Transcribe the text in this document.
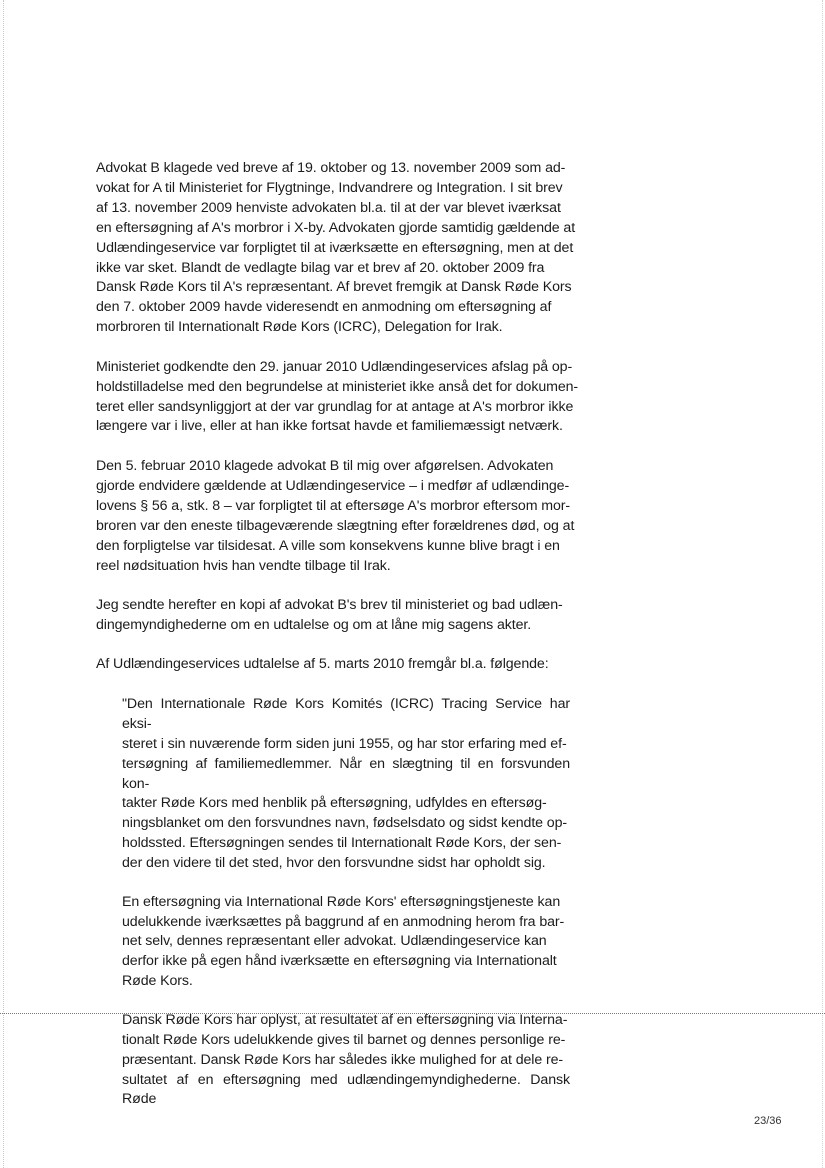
Advokat B klagede ved breve af 19. oktober og 13. november 2009 som ad-
vokat for A til Ministeriet for Flygtninge, Indvandrere og Integration. I sit brev
af 13. november 2009 henviste advokaten bl.a. til at der var blevet iværksat
en eftersøgning af A's morbror i X-by. Advokaten gjorde samtidig gældende at
Udlændingeservice var forpligtet til at iværksætte en eftersøgning, men at det
ikke var sket. Blandt de vedlagte bilag var et brev af 20. oktober 2009 fra
Dansk Røde Kors til A's repræsentant. Af brevet fremgik at Dansk Røde Kors
den 7. oktober 2009 havde videresendt en anmodning om eftersøgning af
morbroren til Internationalt Røde Kors (ICRC), Delegation for Irak.

Ministeriet godkendte den 29. januar 2010 Udlændingeservices afslag på op-
holdstilladelse med den begrundelse at ministeriet ikke anså det for dokumen-
teret eller sandsynliggjort at der var grundlag for at antage at A's morbror ikke
længere var i live, eller at han ikke fortsat havde et familiemæssigt netværk.

Den 5. februar 2010 klagede advokat B til mig over afgørelsen. Advokaten
gjorde endvidere gældende at Udlændingeservice – i medfør af udlændinge-
lovens § 56 a, stk. 8 – var forpligtet til at eftersøge A's morbror eftersom mor-
broren var den eneste tilbageværende slægtning efter forældrenes død, og at
den forpligtelse var tilsidesat. A ville som konsekvens kunne blive bragt i en
reel nødsituation hvis han vendte tilbage til Irak.

Jeg sendte herefter en kopi af advokat B's brev til ministeriet og bad udlæn-
dingemyndighederne om en udtalelse og om at låne mig sagens akter.

Af Udlændingeservices udtalelse af 5. marts 2010 fremgår bl.a. følgende:

"Den Internationale Røde Kors Komités (ICRC) Tracing Service har eksi-
steret i sin nuværende form siden juni 1955, og har stor erfaring med ef-
tersøgning af familiemedlemmer. Når en slægtning til en forsvunden kon-
takter Røde Kors med henblik på eftersøgning, udfyldes en eftersøg-
ningsblanket om den forsvundnes navn, fødselsdato og sidst kendte op-
holdssted. Eftersøgningen sendes til Internationalt Røde Kors, der sen-
der den videre til det sted, hvor den forsvundne sidst har opholdt sig.

En eftersøgning via International Røde Kors' eftersøgningstjeneste kan
udelukkende iværksættes på baggrund af en anmodning herom fra bar-
net selv, dennes repræsentant eller advokat. Udlændingeservice kan
derfor ikke på egen hånd iværksætte en eftersøgning via Internationalt
Røde Kors.

Dansk Røde Kors har oplyst, at resultatet af en eftersøgning via Interna-
tionalt Røde Kors udelukkende gives til barnet og dennes personlige re-
præsentant. Dansk Røde Kors har således ikke mulighed for at dele re-
sultatet af en eftersøgning med udlændingemyndighederne. Dansk Røde

23/36
